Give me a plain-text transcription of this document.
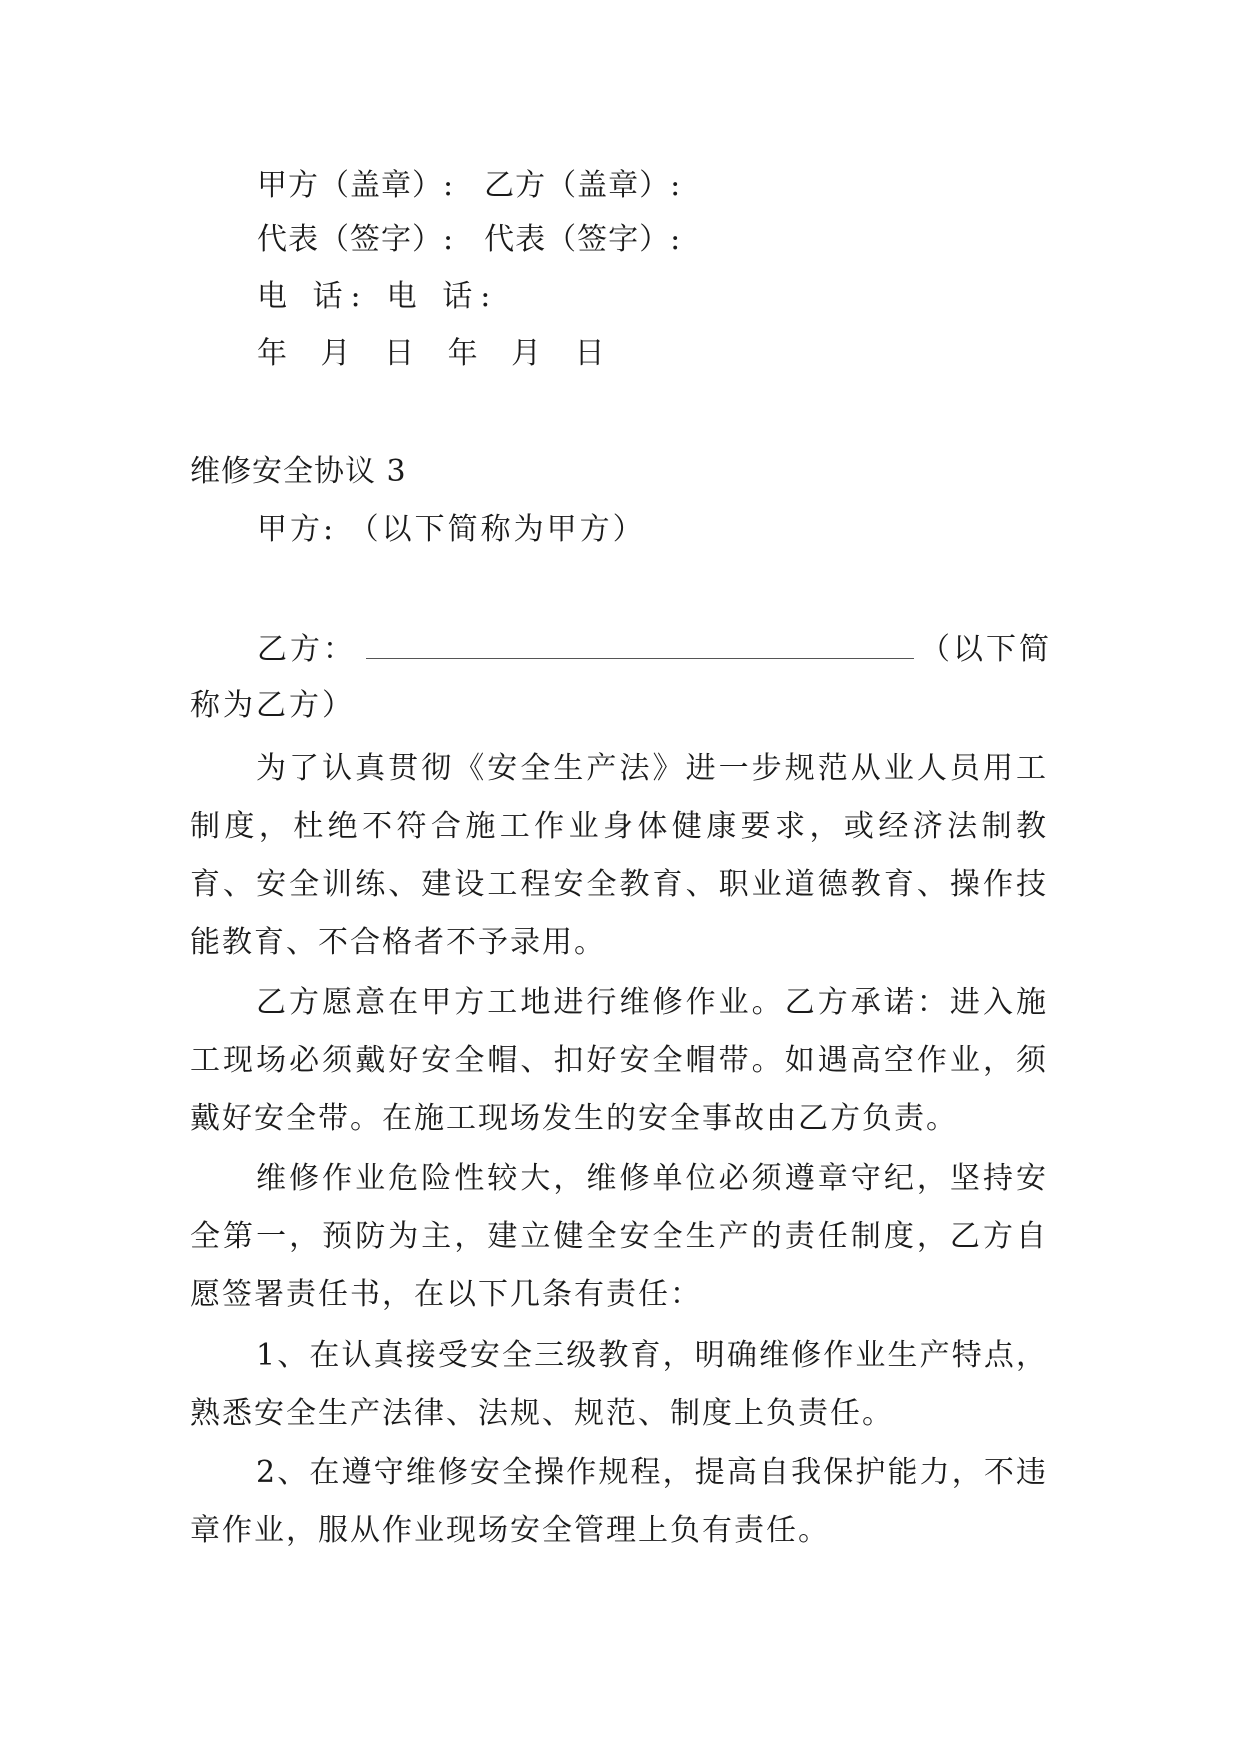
甲方（盖章）: 乙方（盖章）:
代表（签字）: 代表（签字）:
电 话: 电 话:
年 月 日 年 月 日
维修安全协议 3
甲方: （以下简称为甲方）
乙方：	（以下简
称为乙方）
为了认真贯彻《安全生产法》进一步规范从业人员用工制度，杜绝不符合施工作业身体健康要求，或经济法制教育、安全训练、建设工程安全教育、职业道德教育、操作技能教育、不合格者不予录用。
乙方愿意在甲方工地进行维修作业。乙方承诺：进入施工现场必须戴好安全帽、扣好安全帽带。如遇高空作业，须戴好安全带。在施工现场发生的安全事故由乙方负责。
维修作业危险性较大，维修单位必须遵章守纪，坚持安全第一，预防为主，建立健全安全生产的责任制度，乙方自愿签署责任书，在以下几条有责任：
1、在认真接受安全三级教育，明确维修作业生产特点，熟悉安全生产法律、法规、规范、制度上负责任。
2、在遵守维修安全操作规程，提高自我保护能力，不违章作业，服从作业现场安全管理上负有责任。
